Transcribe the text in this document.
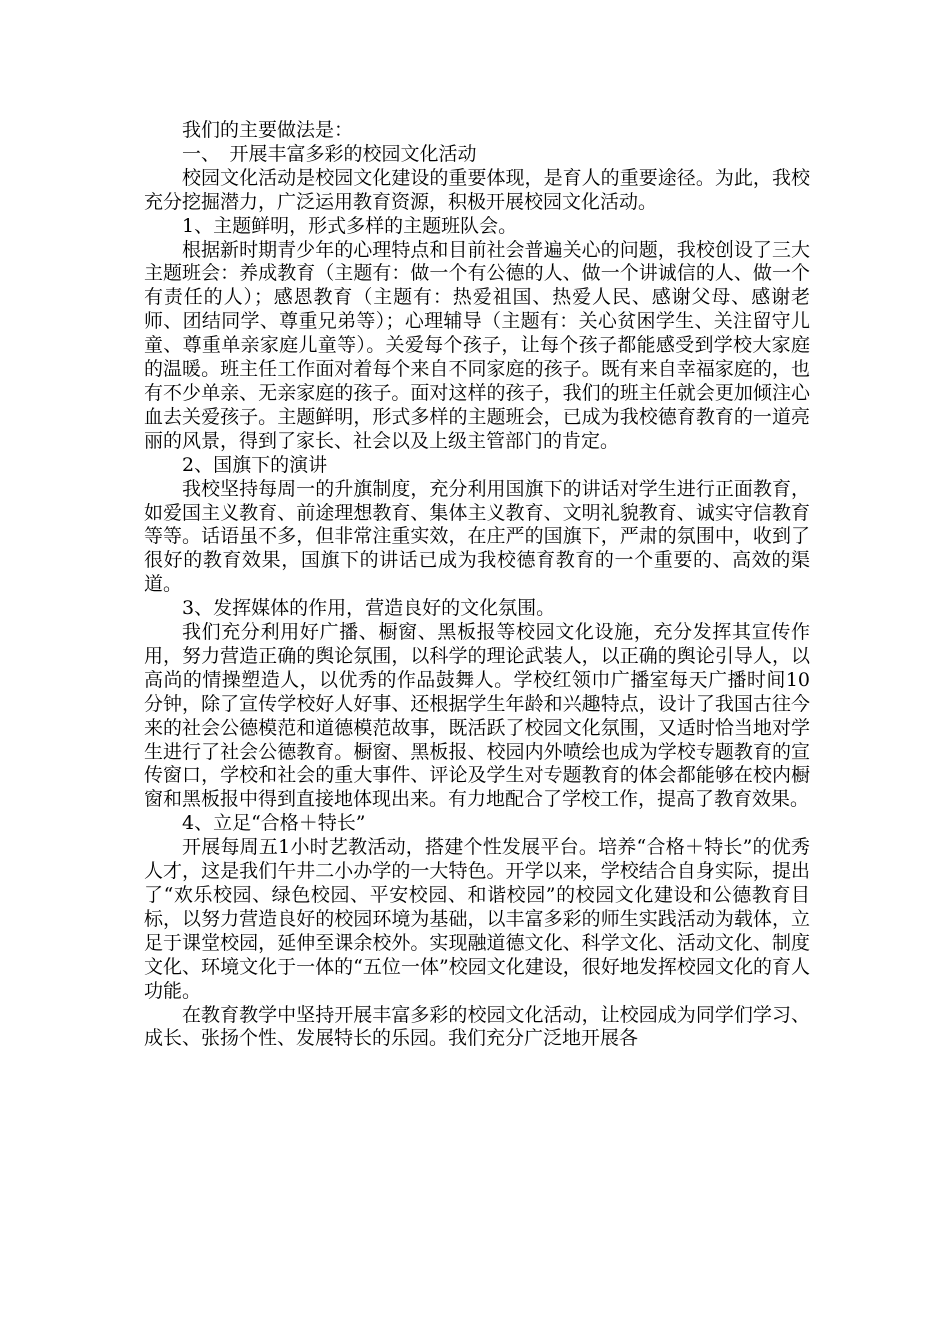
我们的主要做法是：

一、　开展丰富多彩的校园文化活动

校园文化活动是校园文化建设的重要体现，是育人的重要途径。为此，我校充分挖掘潜力，广泛运用教育资源，积极开展校园文化活动。

1、主题鲜明，形式多样的主题班队会。

根据新时期青少年的心理特点和目前社会普遍关心的问题，我校创设了三大主题班会：养成教育（主题有：做一个有公德的人、做一个讲诚信的人、做一个有责任的人）；感恩教育（主题有：热爱祖国、热爱人民、感谢父母、感谢老师、团结同学、尊重兄弟等）；心理辅导（主题有：关心贫困学生、关注留守儿童、尊重单亲家庭儿童等）。关爱每个孩子，让每个孩子都能感受到学校大家庭的温暖。班主任工作面对着每个来自不同家庭的孩子。既有来自幸福家庭的，也有不少单亲、无亲家庭的孩子。面对这样的孩子，我们的班主任就会更加倾注心血去关爱孩子。主题鲜明，形式多样的主题班会，已成为我校德育教育的一道亮丽的风景，得到了家长、社会以及上级主管部门的肯定。

2、国旗下的演讲

我校坚持每周一的升旗制度，充分利用国旗下的讲话对学生进行正面教育，如爱国主义教育、前途理想教育、集体主义教育、文明礼貌教育、诚实守信教育等等。话语虽不多，但非常注重实效，在庄严的国旗下，严肃的氛围中，收到了很好的教育效果，国旗下的讲话已成为我校德育教育的一个重要的、高效的渠道。

3、发挥媒体的作用，营造良好的文化氛围。

我们充分利用好广播、橱窗、黑板报等校园文化设施，充分发挥其宣传作用，努力营造正确的舆论氛围，以科学的理论武装人，以正确的舆论引导人，以高尚的情操塑造人，以优秀的作品鼓舞人。学校红领巾广播室每天广播时间10分钟，除了宣传学校好人好事、还根据学生年龄和兴趣特点，设计了我国古往今来的社会公德模范和道德模范故事，既活跃了校园文化氛围，又适时恰当地对学生进行了社会公德教育。橱窗、黑板报、校园内外喷绘也成为学校专题教育的宣传窗口，学校和社会的重大事件、评论及学生对专题教育的体会都能够在校内橱窗和黑板报中得到直接地体现出来。有力地配合了学校工作，提高了教育效果。

4、立足“合格＋特长”

开展每周五1小时艺教活动，搭建个性发展平台。培养“合格＋特长”的优秀人才，这是我们午井二小办学的一大特色。开学以来，学校结合自身实际，提出了“欢乐校园、绿色校园、平安校园、和谐校园”的校园文化建设和公德教育目标，以努力营造良好的校园环境为基础，以丰富多彩的师生实践活动为载体，立足于课堂校园，延伸至课余校外。实现融道德文化、科学文化、活动文化、制度文化、环境文化于一体的“五位一体”校园文化建设，很好地发挥校园文化的育人功能。

在教育教学中坚持开展丰富多彩的校园文化活动，让校园成为同学们学习、成长、张扬个性、发展特长的乐园。我们充分广泛地开展各
